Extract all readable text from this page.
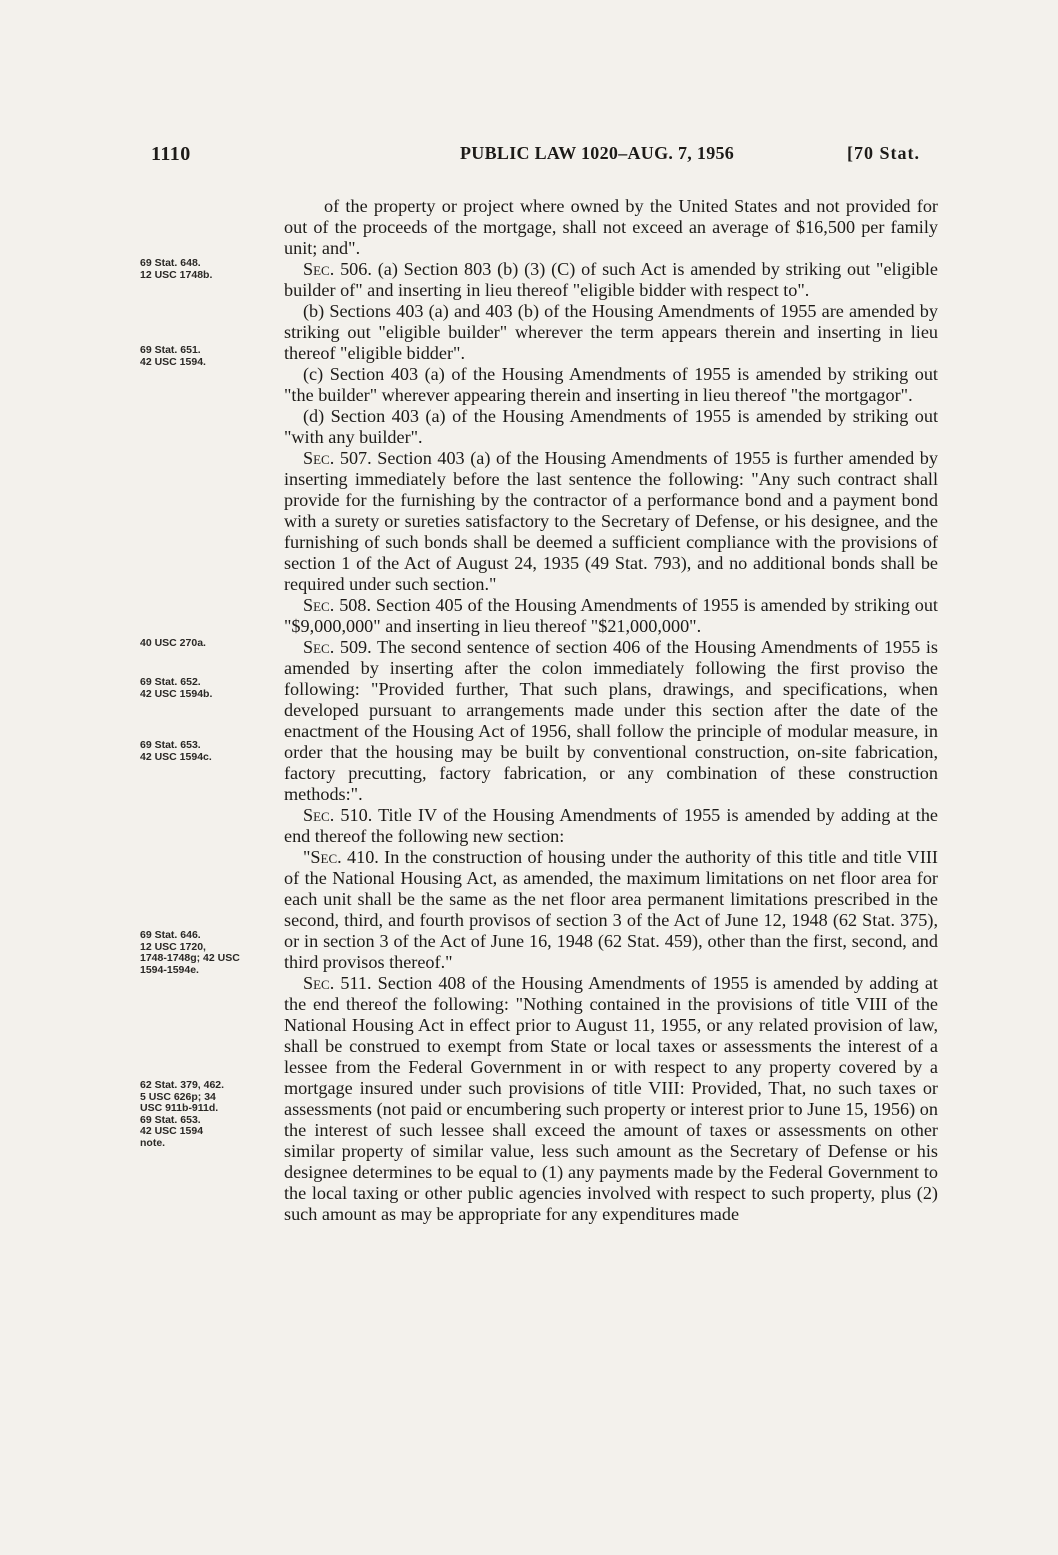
1110	PUBLIC LAW 1020–AUG. 7, 1956	[70 Stat.
69 Stat. 648.
12 USC 1748b.
69 Stat. 651.
42 USC 1594.
40 USC 270a.
69 Stat. 652.
42 USC 1594b.
69 Stat. 653.
42 USC 1594c.
69 Stat. 646.
12 USC 1720,
1748-1748g; 42 USC
1594-1594e.
62 Stat. 379, 462.
5 USC 626p; 34
USC 911b-911d.
69 Stat. 653.
42 USC 1594
note.

of the property or project where owned by the United States and not provided for out of the proceeds of the mortgage, shall not exceed an average of $16,500 per family unit; and".

Sec. 506. (a) Section 803 (b) (3) (C) of such Act is amended by striking out "eligible builder of" and inserting in lieu thereof "eligible bidder with respect to".

(b) Sections 403 (a) and 403 (b) of the Housing Amendments of 1955 are amended by striking out "eligible builder" wherever the term appears therein and inserting in lieu thereof "eligible bidder".

(c) Section 403 (a) of the Housing Amendments of 1955 is amended by striking out "the builder" wherever appearing therein and inserting in lieu thereof "the mortgagor".

(d) Section 403 (a) of the Housing Amendments of 1955 is amended by striking out "with any builder".

Sec. 507. Section 403 (a) of the Housing Amendments of 1955 is further amended by inserting immediately before the last sentence the following: "Any such contract shall provide for the furnishing by the contractor of a performance bond and a payment bond with a surety or sureties satisfactory to the Secretary of Defense, or his designee, and the furnishing of such bonds shall be deemed a sufficient compliance with the provisions of section 1 of the Act of August 24, 1935 (49 Stat. 793), and no additional bonds shall be required under such section."

Sec. 508. Section 405 of the Housing Amendments of 1955 is amended by striking out "$9,000,000" and inserting in lieu thereof "$21,000,000".

Sec. 509. The second sentence of section 406 of the Housing Amendments of 1955 is amended by inserting after the colon immediately following the first proviso the following: "Provided further, That such plans, drawings, and specifications, when developed pursuant to arrangements made under this section after the date of the enactment of the Housing Act of 1956, shall follow the principle of modular measure, in order that the housing may be built by conventional construction, on-site fabrication, factory precutting, factory fabrication, or any combination of these construction methods:".

Sec. 510. Title IV of the Housing Amendments of 1955 is amended by adding at the end thereof the following new section:

"Sec. 410. In the construction of housing under the authority of this title and title VIII of the National Housing Act, as amended, the maximum limitations on net floor area for each unit shall be the same as the net floor area permanent limitations prescribed in the second, third, and fourth provisos of section 3 of the Act of June 12, 1948 (62 Stat. 375), or in section 3 of the Act of June 16, 1948 (62 Stat. 459), other than the first, second, and third provisos thereof."

Sec. 511. Section 408 of the Housing Amendments of 1955 is amended by adding at the end thereof the following: "Nothing contained in the provisions of title VIII of the National Housing Act in effect prior to August 11, 1955, or any related provision of law, shall be construed to exempt from State or local taxes or assessments the interest of a lessee from the Federal Government in or with respect to any property covered by a mortgage insured under such provisions of title VIII: Provided, That, no such taxes or assessments (not paid or encumbering such property or interest prior to June 15, 1956) on the interest of such lessee shall exceed the amount of taxes or assessments on other similar property of similar value, less such amount as the Secretary of Defense or his designee determines to be equal to (1) any payments made by the Federal Government to the local taxing or other public agencies involved with respect to such property, plus (2) such amount as may be appropriate for any expenditures made
